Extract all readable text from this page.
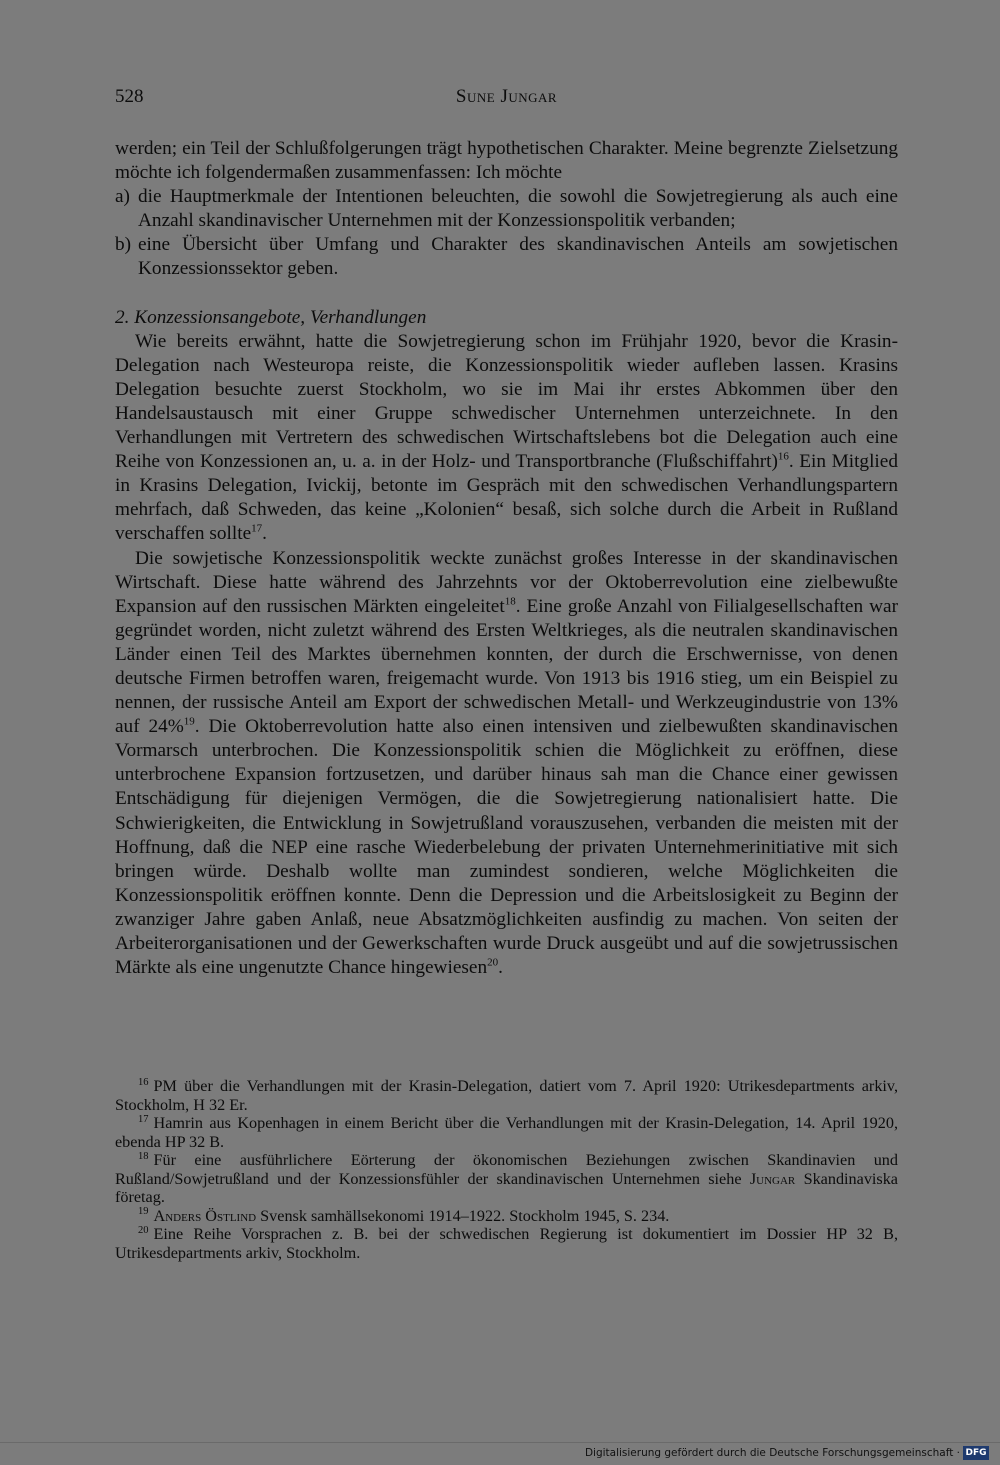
528	Sune Jungar

werden; ein Teil der Schlußfolgerungen trägt hypothetischen Charakter. Meine begrenzte Zielsetzung möchte ich folgendermaßen zusammenfassen: Ich möchte

a) die Hauptmerkmale der Intentionen beleuchten, die sowohl die Sowjetregierung als auch eine Anzahl skandinavischer Unternehmen mit der Konzessionspolitik verbanden;

b) eine Übersicht über Umfang und Charakter des skandinavischen Anteils am sowjetischen Konzessionssektor geben.

2. Konzessionsangebote, Verhandlungen

Wie bereits erwähnt, hatte die Sowjetregierung schon im Frühjahr 1920, bevor die Krasin-Delegation nach Westeuropa reiste, die Konzessionspolitik wieder aufleben lassen. Krasins Delegation besuchte zuerst Stockholm, wo sie im Mai ihr erstes Abkommen über den Handelsaustausch mit einer Gruppe schwedischer Unternehmen unterzeichnete. In den Verhandlungen mit Vertretern des schwedischen Wirtschaftslebens bot die Delegation auch eine Reihe von Konzessionen an, u. a. in der Holz- und Transportbranche (Flußschiffahrt)$^{16}$. Ein Mitglied in Krasins Delegation, Ivickij, betonte im Gespräch mit den schwedischen Verhandlungspartern mehrfach, daß Schweden, das keine „Kolonien“ besaß, sich solche durch die Arbeit in Rußland verschaffen sollte$^{17}$.

Die sowjetische Konzessionspolitik weckte zunächst großes Interesse in der skandinavischen Wirtschaft. Diese hatte während des Jahrzehnts vor der Oktoberrevolution eine zielbewußte Expansion auf den russischen Märkten eingeleitet$^{18}$. Eine große Anzahl von Filialgesellschaften war gegründet worden, nicht zuletzt während des Ersten Weltkrieges, als die neutralen skandinavischen Länder einen Teil des Marktes übernehmen konnten, der durch die Erschwernisse, von denen deutsche Firmen betroffen waren, freigemacht wurde. Von 1913 bis 1916 stieg, um ein Beispiel zu nennen, der russische Anteil am Export der schwedischen Metall- und Werkzeugindustrie von 13% auf 24%$^{19}$. Die Oktoberrevolution hatte also einen intensiven und zielbewußten skandinavischen Vormarsch unterbrochen. Die Konzessionspolitik schien die Möglichkeit zu eröffnen, diese unterbrochene Expansion fortzusetzen, und darüber hinaus sah man die Chance einer gewissen Entschädigung für diejenigen Vermögen, die die Sowjetregierung nationalisiert hatte. Die Schwierigkeiten, die Entwicklung in Sowjetrußland vorauszusehen, verbanden die meisten mit der Hoffnung, daß die NEP eine rasche Wiederbelebung der privaten Unternehmerinitiative mit sich bringen würde. Deshalb wollte man zumindest sondieren, welche Möglichkeiten die Konzessionspolitik eröffnen konnte. Denn die Depression und die Arbeitslosigkeit zu Beginn der zwanziger Jahre gaben Anlaß, neue Absatzmöglichkeiten ausfindig zu machen. Von seiten der Arbeiterorganisationen und der Gewerkschaften wurde Druck ausgeübt und auf die sowjetrussischen Märkte als eine ungenutzte Chance hingewiesen$^{20}$.

$^{16}$ PM über die Verhandlungen mit der Krasin-Delegation, datiert vom 7. April 1920: Utrikesdepartments arkiv, Stockholm, H 32 Er.

$^{17}$ Hamrin aus Kopenhagen in einem Bericht über die Verhandlungen mit der Krasin-Delegation, 14. April 1920, ebenda HP 32 B.

$^{18}$ Für eine ausführlichere Eörterung der ökonomischen Beziehungen zwischen Skandinavien und Rußland/Sowjetrußland und der Konzessionsfühler der skandinavischen Unternehmen siehe Jungar Skandinaviska företag.

$^{19}$ Anders Östlind Svensk samhällsekonomi 1914–1922. Stockholm 1945, S. 234.

$^{20}$ Eine Reihe Vorsprachen z. B. bei der schwedischen Regierung ist dokumentiert im Dossier HP 32 B, Utrikesdepartments arkiv, Stockholm.

Digitalisierung gefördert durch die Deutsche Forschungsgemeinschaft · DFG
